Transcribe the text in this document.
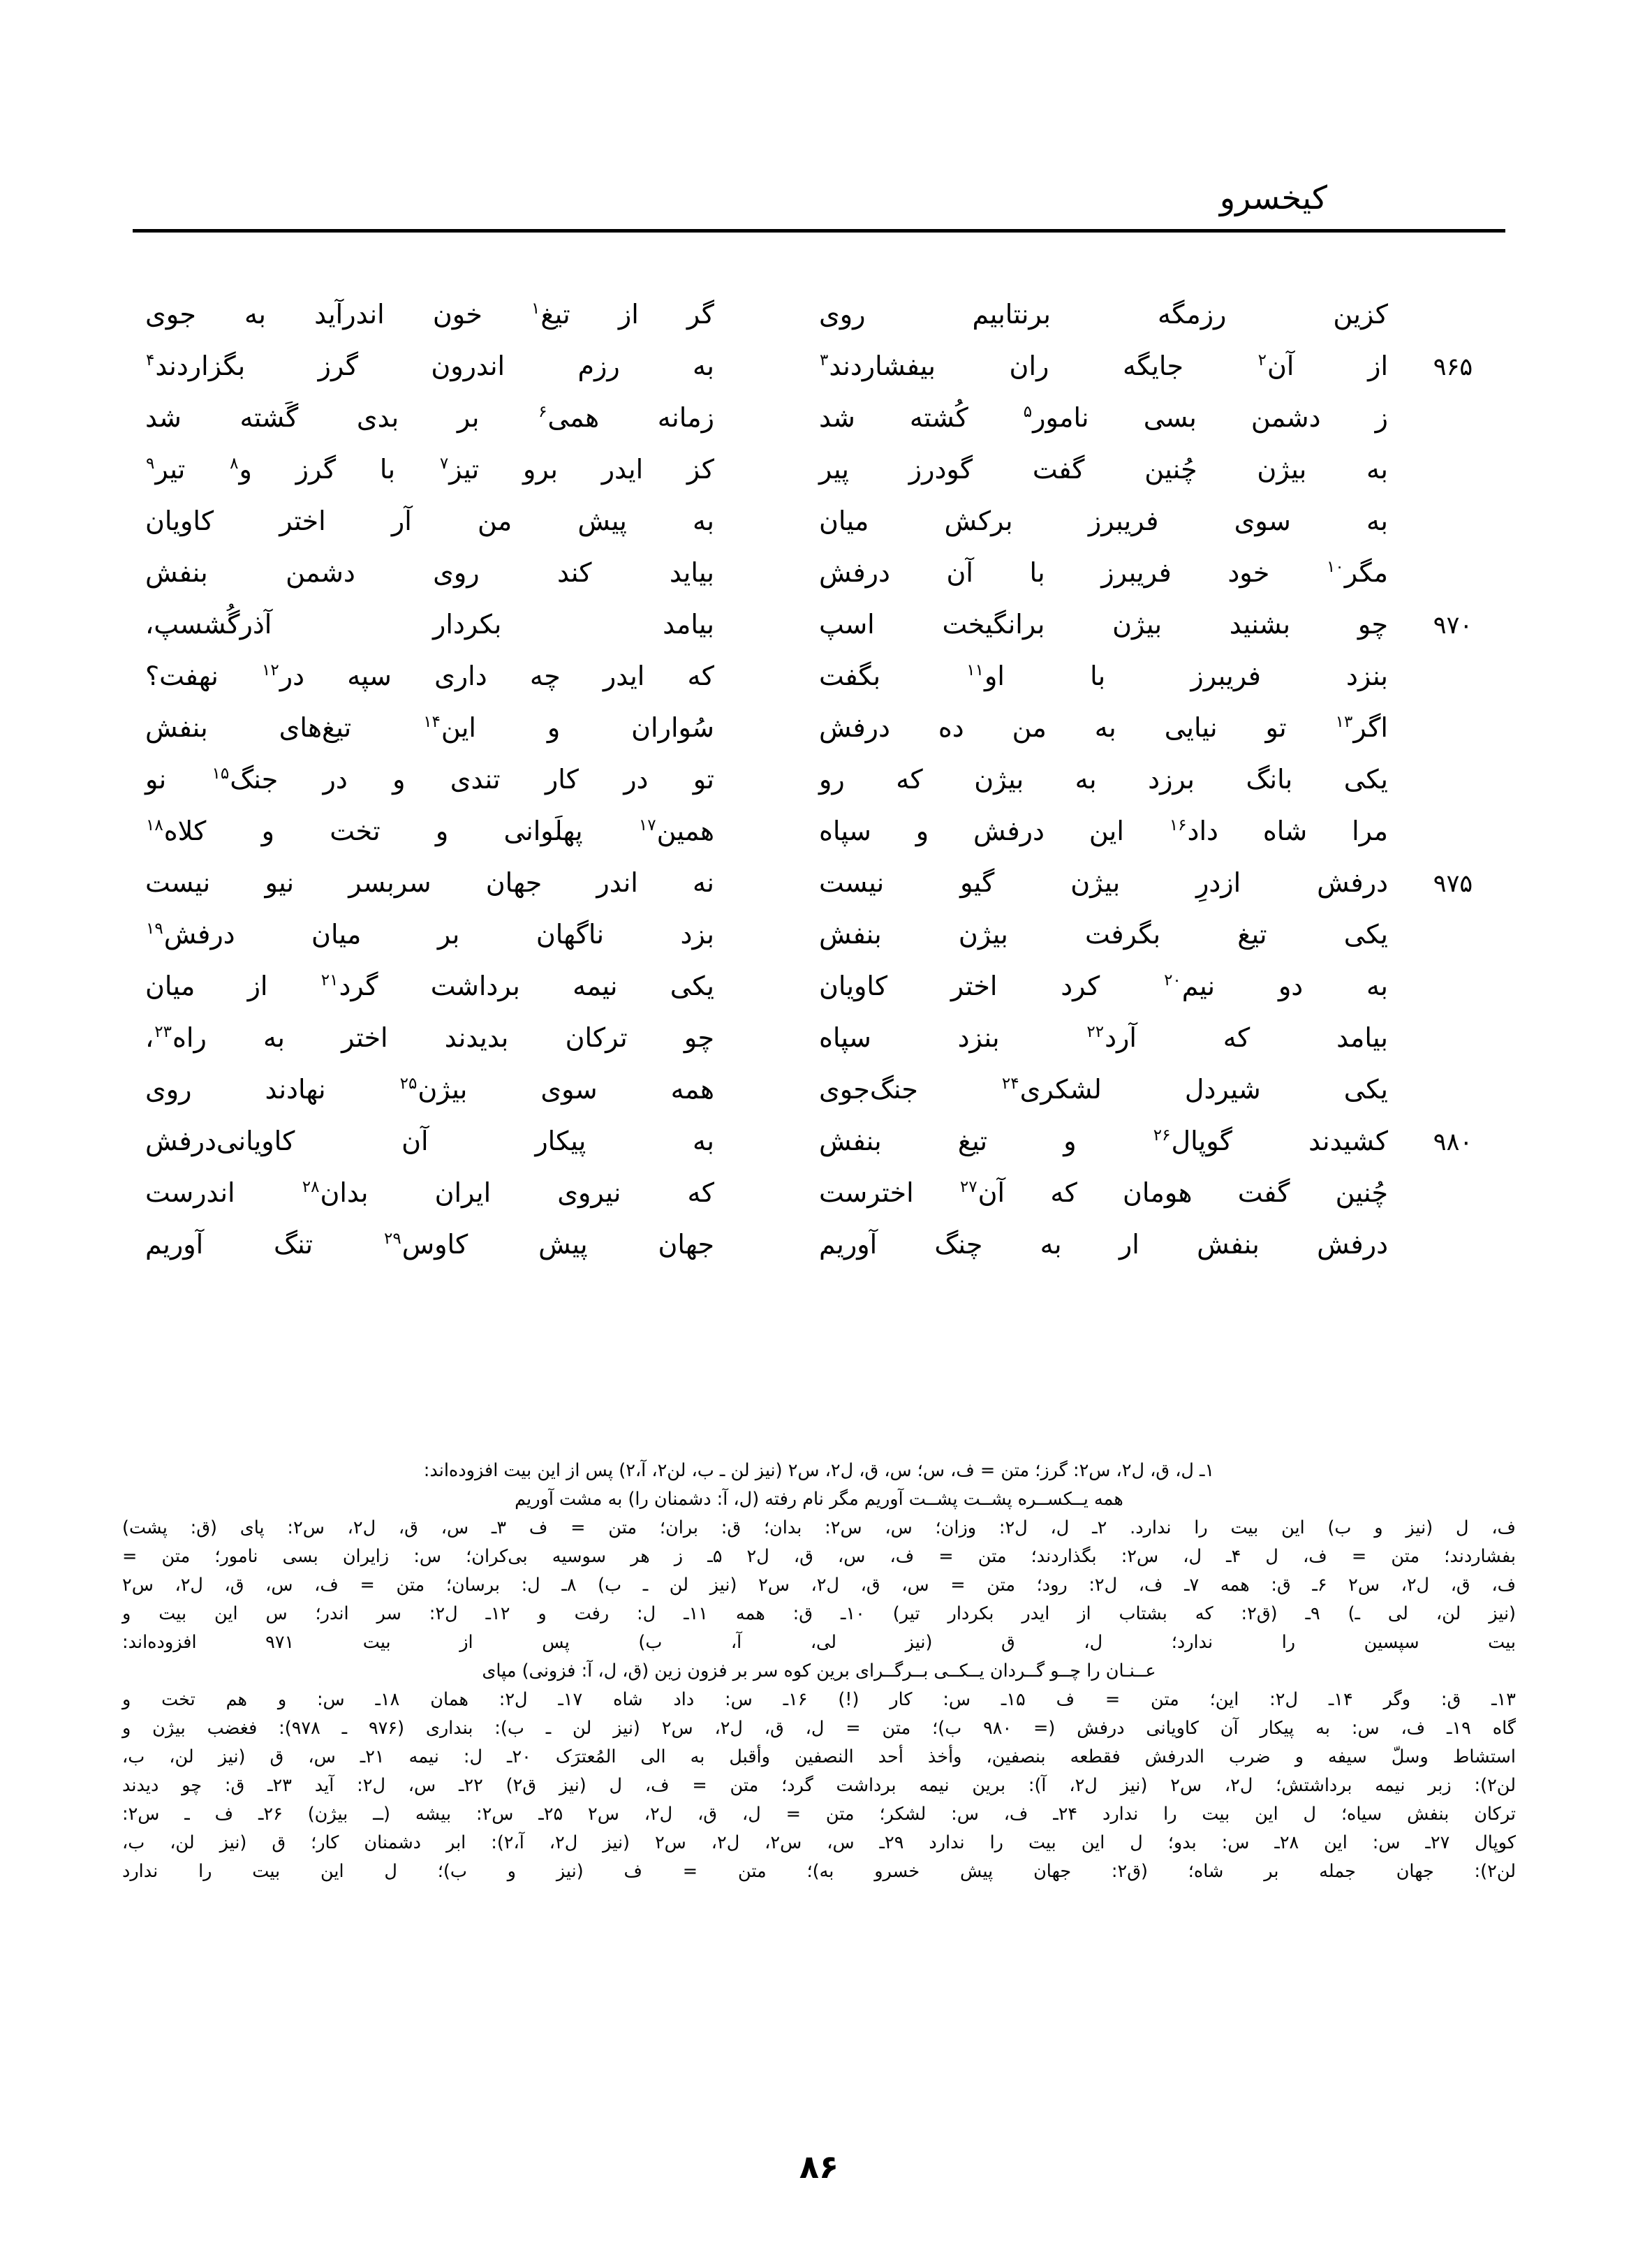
کیخسرو
کزین رزمگه برنتابیم روی
گر از تیغ$^۱$ خون اندرآید به جوی
۹۶۵
از آن$^۲$ جایگه ران بیفشاردند$^۳$
به رزم اندرون گرز بگزاردند$^۴$
ز دشمن بسی نامور$^۵$ کُشته شد
زمانه همی$^۶$ بر بدی گَشته شد
به بیژن چُنین گفت گودرز پیر
کز ایدر برو تیز$^۷$ با گرز و$^۸$ تیر$^۹$
به سوی فریبرز برکش میان
به پیش من آر اختر کاویان
مگر$^{۱۰}$ خود فریبرز با آن درفش
بیاید کند روی دشمن بنفش
۹۷۰
چو بشنید بیژن برانگیخت اسپ
بیامد بکردار آذرگُشسپ،
بنزد فریبرز با او$^{۱۱}$ بگفت
که ایدر چه داری سپه در$^{۱۲}$ نهفت؟
اگر$^{۱۳}$ تو نیایی به من ده درفش
سُواران و این$^{۱۴}$ تیغ‌های بنفش
یکی بانگ برزد به بیژن که رو
تو در کار تندی و در جنگ$^{۱۵}$ نو
مرا شاه داد$^{۱۶}$ این درفش و سپاه
همین$^{۱۷}$ پهلَوانی و تخت و کلاه$^{۱۸}$
۹۷۵
درفش ازدرِ بیژن گیو نیست
نه اندر جهان سربسر نیو نیست
یکی تیغ بگرفت بیژن بنفش
بزد ناگهان بر میان درفش$^{۱۹}$
به دو نیم$^{۲۰}$ کرد اختر کاویان
یکی نیمه برداشت گرد$^{۲۱}$ از میان
بیامد که آرد$^{۲۲}$ بنزد سپاه
چو ترکان بدیدند اختر به راه$^{۲۳}$،
یکی شیردل لشکری$^{۲۴}$ جنگ‌جوی
همه سوی بیژن$^{۲۵}$ نهادند روی
۹۸۰
کشیدند گوپال$^{۲۶}$ و تیغ بنفش
به پیکار آن کاویانی‌درفش
چُنین گفت هومان که آن$^{۲۷}$ اخترست
که نیروی ایران بدان$^{۲۸}$ اندرست
درفش بنفش ار به چنگ آوریم
جهان پیش کاوس$^{۲۹}$ تنگ آوریم
۱ـ ل، ق، ل۲، س۲: گرز؛ متن = ف، س؛ س، ق، ل۲، س۲ (نیز لن ـ ب، لن۲، آ،۲) پس از این بیت افزوده‌اند:
همه یــکســره پشــت پشــت آوریم مگر نام رفته (ل، آ: دشمنان را) به مشت آوریم
ف، ل (نیز و ب) این بیت را ندارد. ۲ـ ل، ل۲: وزان؛ س، س۲: بدان؛ ق: بران؛ متن = ف ۳ـ س، ق، ل۲، س۲: پای (ق: پشت)
بفشاردند؛ متن = ف، ل ۴ـ ل، س۲: بگذاردند؛ متن = ف، س، ق، ل۲ ۵ـ ز هر سوسیه بی‌کران؛ س: زایران بسی نامور؛ متن =
ف، ق، ل۲، س۲ ۶ـ ق: همه ۷ـ ف، ل۲: رود؛ متن = س، ق، ل۲، س۲ (نیز لن ـ ب) ۸ـ ل: برسان؛ متن = ف، س، ق، ل۲، س۲
(نیز لن، لی ـ) ۹ـ (ق۲: که بشتاب از ایدر بکردار تیر) ۱۰ـ ق: همه ۱۱ـ ل: رفت و ۱۲ـ ل۲: سر اندر؛ س این بیت و
بیت سپسین را ندارد؛ ل، ق (نیز لی، آ، ب) پس از بیت ۹۷۱ افزوده‌اند:
عــنـان را چــو گــردان یــکــی بــرگــرای برین کوه سر بر فزون زین (ق، ل، آ: فزونی) مپای
۱۳ـ ق: وگر ۱۴ـ ل۲: این؛ متن = ف ۱۵ـ س: کار (!) ۱۶ـ س: داد شاه ۱۷ـ ل۲: همان ۱۸ـ س: و هم تخت و
گاه ۱۹ـ ف، س: به پیکار آن کاویانی درفش (= ۹۸۰ ب)؛ متن = ل، ق، ل۲، س۲ (نیز لن ـ ب): بنداری (۹۷۶ ـ ۹۷۸): فغضب بیژن و
استشاط وسلّ سیفه و ضرب الدرفش فقطعه بنصفین، وأخذ أحد النصفین وأقبل به الی المُعترَک ۲۰ـ ل: نیمه ۲۱ـ س، ق (نیز لن، ب،
لن۲): زبر نیمه برداشتش؛ ل۲، س۲ (نیز ل۲، آ): برین نیمه برداشت گرد؛ متن = ف، ل (نیز ق۲) ۲۲ـ س، ل۲: آید ۲۳ـ ق: چو دیدند
ترکان بنفش سیاه؛ ل این بیت را ندارد ۲۴ـ ف، س: لشکر؛ متن = ل، ق، ل۲، س۲ ۲۵ـ س۲: بیشه (ــ بیژن) ۲۶ـ ف ـ س۲:
کوپال ۲۷ـ س: این ۲۸ـ س: بدو؛ ل این بیت را ندارد ۲۹ـ س، س۲، ل۲، س۲ (نیز ل۲، آ،۲): ابر دشمنان کار؛ ق (نیز لن، ب،
لن۲): جهان جمله بر شاه؛ (ق۲: جهان پیش خسرو به)؛ متن = ف (نیز و ب)؛ ل این بیت را ندارد
۸۶
